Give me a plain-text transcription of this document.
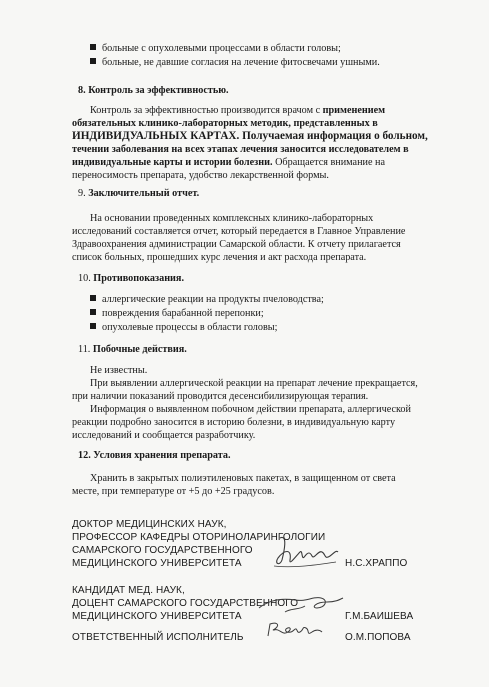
больные с опухолевыми процессами в области головы;
больные, не давшие согласия на лечение фитосвечами ушными.
8. Контроль за эффективностью.
Контроль за эффективностью производится врачом с применением
обязательных клинико-лабораторных методик, представленных в
ИНДИВИДУАЛЬНЫХ КАРТАХ. Получаемая информация о больном,
течении заболевания на всех этапах лечения заносится исследователем в
индивидуальные карты и истории болезни. Обращается внимание на
переносимость препарата, удобство лекарственной формы.
9. Заключительный отчет.
На основании проведенных комплексных клинико-лабораторных
исследований составляется отчет, который передается в Главное Управление
Здравоохранения администрации Самарской области. К отчету прилагается
список больных, прошедших курс лечения и акт расхода препарата.
10. Противопоказания.
аллергические реакции на продукты пчеловодства;
повреждения барабанной перепонки;
опухолевые процессы в области головы;
11. Побочные действия.
Не известны.
При выявлении аллергической реакции на препарат лечение прекращается,
при наличии показаний проводится десенсибилизирующая терапия.
Информация о выявленном побочном действии препарата, аллергической
реакции подробно заносится в историю болезни, в индивидуальную карту
исследований и сообщается разработчику.
12. Условия хранения препарата.
Хранить в закрытых полиэтиленовых пакетах, в защищенном от света
месте, при температуре от +5 до +25 градусов.
ДОКТОР МЕДИЦИНСКИХ НАУК,
ПРОФЕССОР КАФЕДРЫ ОТОРИНОЛАРИНГОЛОГИИ
САМАРСКОГО ГОСУДАРСТВЕННОГО
МЕДИЦИНСКОГО УНИВЕРСИТЕТА	Н.С.ХРАППО
КАНДИДАТ МЕД. НАУК,
ДОЦЕНТ САМАРСКОГО ГОСУДАРСТВЕННОГО
МЕДИЦИНСКОГО УНИВЕРСИТЕТА	Г.М.БАИШЕВА
ОТВЕТСТВЕННЫЙ ИСПОЛНИТЕЛЬ	О.М.ПОПОВА
